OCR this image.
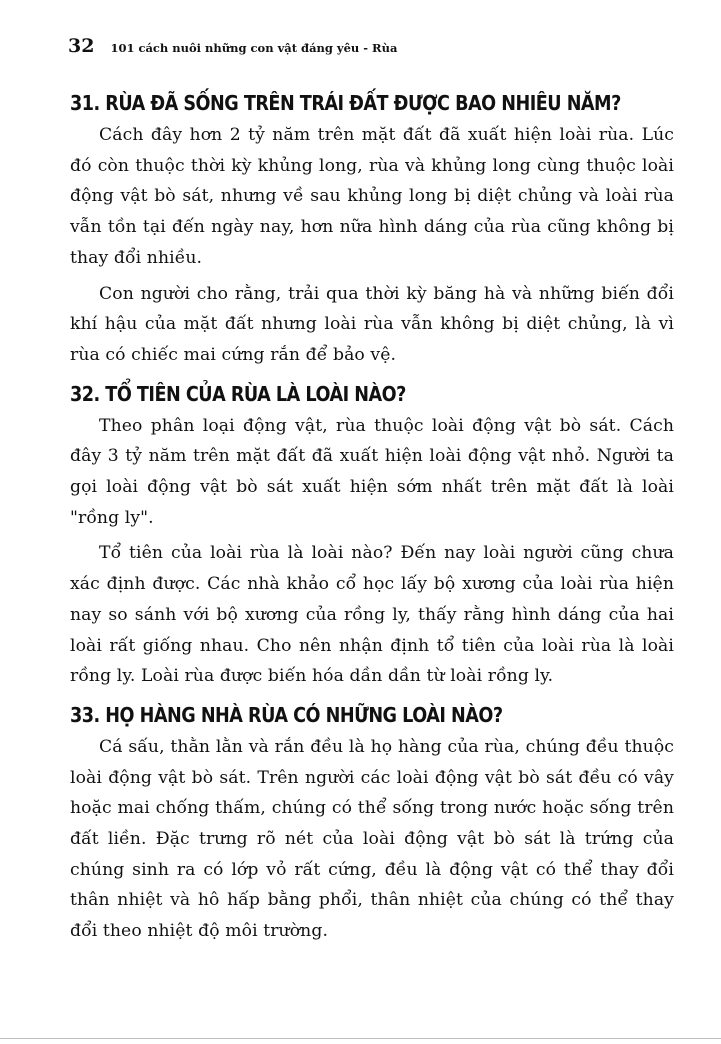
32 101 cách nuôi những con vật đáng yêu - Rùa
31. RÙA ĐÃ SỐNG TRÊN TRÁI ĐẤT ĐƯỢC BAO NHIÊU NĂM?

Cách đây hơn 2 tỷ năm trên mặt đất đã xuất hiện loài rùa. Lúc đó còn thuộc thời kỳ khủng long, rùa và khủng long cùng thuộc loài động vật bò sát, nhưng về sau khủng long bị diệt chủng và loài rùa vẫn tồn tại đến ngày nay, hơn nữa hình dáng của rùa cũng không bị thay đổi nhiều.

Con người cho rằng, trải qua thời kỳ băng hà và những biến đổi khí hậu của mặt đất nhưng loài rùa vẫn không bị diệt chủng, là vì rùa có chiếc mai cứng rắn để bảo vệ.

32. TỔ TIÊN CỦA RÙA LÀ LOÀI NÀO?

Theo phân loại động vật, rùa thuộc loài động vật bò sát. Cách đây 3 tỷ năm trên mặt đất đã xuất hiện loài động vật nhỏ. Người ta gọi loài động vật bò sát xuất hiện sớm nhất trên mặt đất là loài "rồng ly".

Tổ tiên của loài rùa là loài nào? Đến nay loài người cũng chưa xác định được. Các nhà khảo cổ học lấy bộ xương của loài rùa hiện nay so sánh với bộ xương của rồng ly, thấy rằng hình dáng của hai loài rất giống nhau. Cho nên nhận định tổ tiên của loài rùa là loài rồng ly. Loài rùa được biến hóa dần dần từ loài rồng ly.

33. HỌ HÀNG NHÀ RÙA CÓ NHỮNG LOÀI NÀO?

Cá sấu, thằn lằn và rắn đều là họ hàng của rùa, chúng đều thuộc loài động vật bò sát. Trên người các loài động vật bò sát đều có vây hoặc mai chống thấm, chúng có thể sống trong nước hoặc sống trên đất liền. Đặc trưng rõ nét của loài động vật bò sát là trứng của chúng sinh ra có lớp vỏ rất cứng, đều là động vật có thể thay đổi thân nhiệt và hô hấp bằng phổi, thân nhiệt của chúng có thể thay đổi theo nhiệt độ môi trường.
